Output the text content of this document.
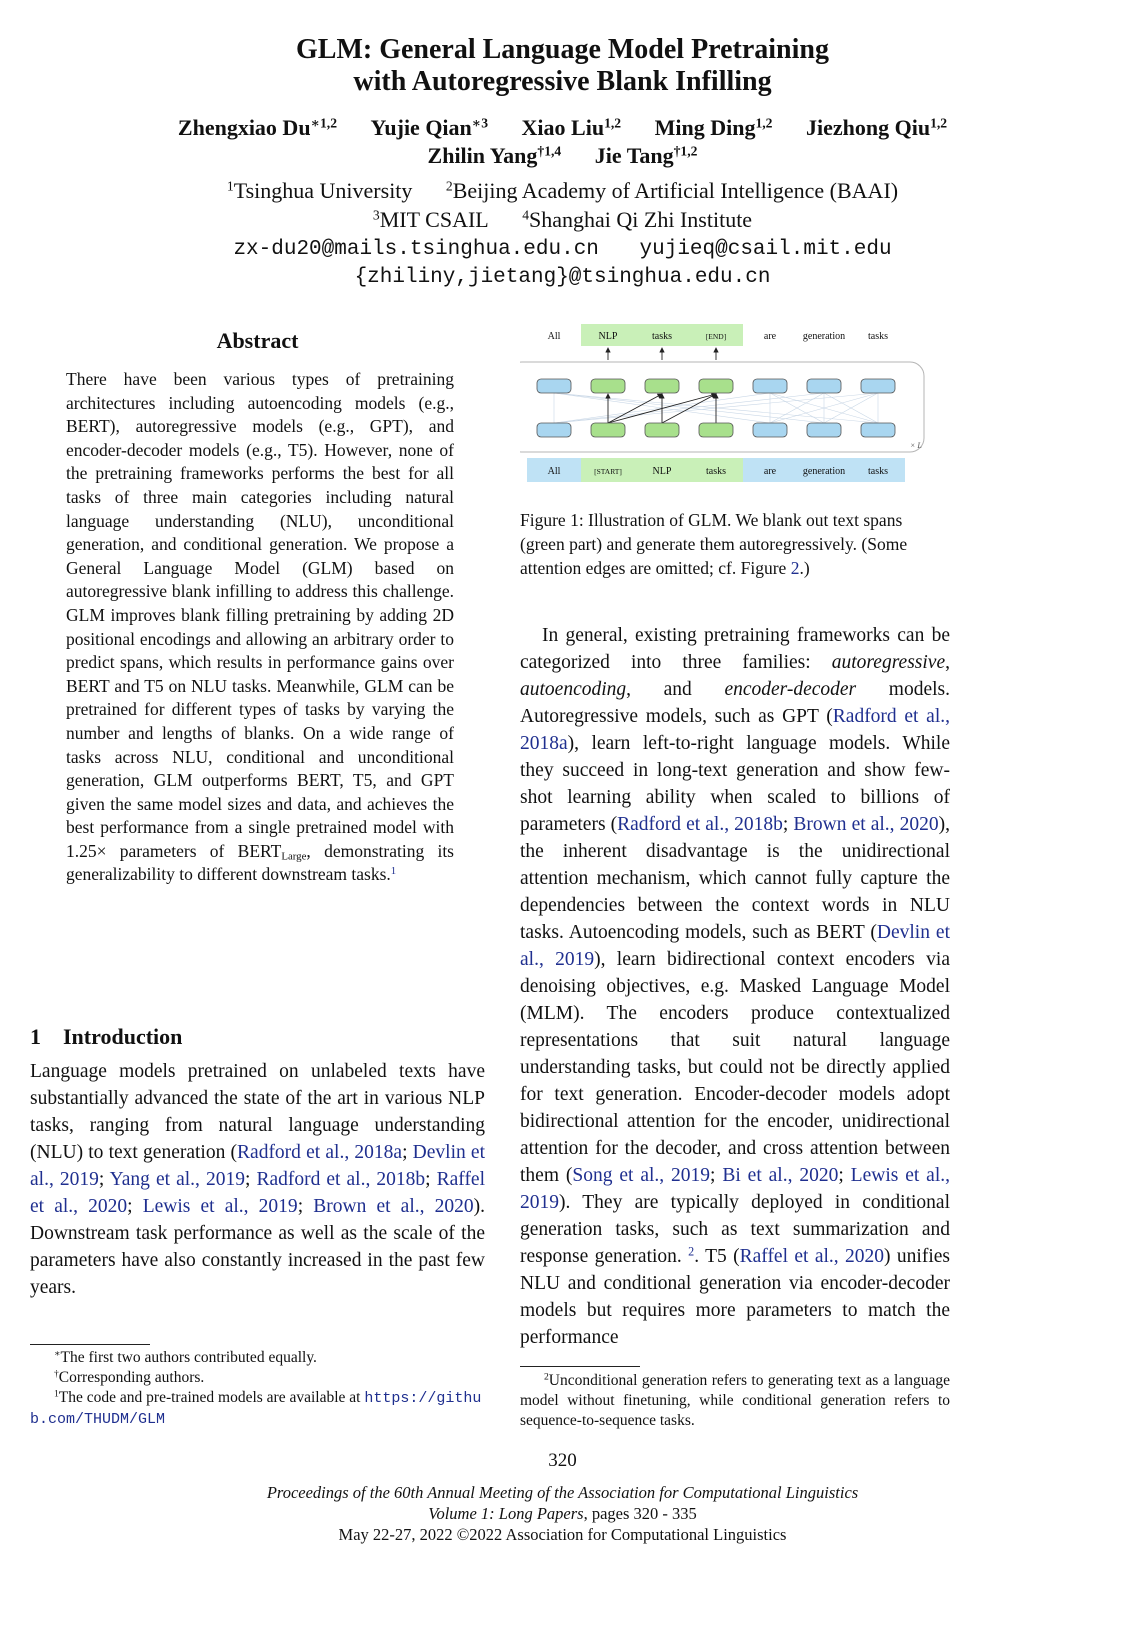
GLM: General Language Model Pretraining
with Autoregressive Blank Infilling
Zhengxiao $Du^{∗1,2}$ Yujie Qian$^{∗3}$ Xiao Liu$^{1,2}$ Ming Ding$^{1,2}$ Jiezhong Qiu$^{1,2}$
Zhilin Yang$^{\dagger 1,4}$ Jie Tang$^{\dagger 1,2}$
$^1$Tsinghua University $^2$Beijing Academy of Artificial Intelligence (BAAI)
$^3$MIT CSAIL $^4$Shanghai Qi Zhi Institute
zx-du20@mails.tsinghua.edu.cn yujieq@csail.mit.edu
{zhiliny,jietang}@tsinghua.edu.cn
Abstract
There have been various types of pretraining architectures including autoencoding models (e.g., BERT), autoregressive models (e.g., GPT), and encoder-decoder models (e.g., T5). However, none of the pretraining frameworks performs the best for all tasks of three main categories including natural language understanding (NLU), unconditional generation, and conditional generation. We propose a General Language Model (GLM) based on autoregressive blank infilling to address this challenge. GLM improves blank filling pretraining by adding 2D positional encodings and allowing an arbitrary order to predict spans, which results in performance gains over BERT and T5 on NLU tasks. Meanwhile, GLM can be pretrained for different types of tasks by varying the number and lengths of blanks. On a wide range of tasks across NLU, conditional and unconditional generation, GLM outperforms BERT, T5, and GPT given the same model sizes and data, and achieves the best performance from a single pretrained model with 1.25× parameters of $BERT_{Large}$, demonstrating its generalizability to different downstream tasks.$^1$
1 Introduction
Language models pretrained on unlabeled texts have substantially advanced the state of the art in various NLP tasks, ranging from natural language understanding (NLU) to text generation (Radford et al., 2018a; Devlin et al., 2019; Yang et al., 2019; Radford et al., 2018b; Raffel et al., 2020; Lewis et al., 2019; Brown et al., 2020). Downstream task performance as well as the scale of the parameters have also constantly increased in the past few years.
∗The first two authors contributed equally.
†Corresponding authors.
$^1$The code and pre-trained models are available at https://github.com/THUDM/GLM
All	NLP	tasks	[END]	are	generation tasks
All	[START]	NLP	tasks	are	generation tasks
× L
Figure 1: Illustration of GLM. We blank out text spans (green part) and generate them autoregressively. (Some attention edges are omitted; cf. Figure 2.)
In general, existing pretraining frameworks can be categorized into three families: autoregressive, autoencoding, and encoder-decoder models. Autoregressive models, such as GPT (Radford et al., 2018a), learn left-to-right language models. While they succeed in long-text generation and show few-shot learning ability when scaled to billions of parameters (Radford et al., 2018b; Brown et al., 2020), the inherent disadvantage is the unidirectional attention mechanism, which cannot fully capture the dependencies between the context words in NLU tasks. Autoencoding models, such as BERT (Devlin et al., 2019), learn bidirectional context encoders via denoising objectives, e.g. Masked Language Model (MLM). The encoders produce contextualized representations that suit natural language understanding tasks, but could not be directly applied for text generation. Encoder-decoder models adopt bidirectional attention for the encoder, unidirectional attention for the decoder, and cross attention between them (Song et al., 2019; Bi et al., 2020; Lewis et al., 2019). They are typically deployed in conditional generation tasks, such as text summarization and response generation. $^2$. T5 (Raffel et al., 2020) unifies NLU and conditional generation via encoder-decoder models but requires more parameters to match the performance
$^2$Unconditional generation refers to generating text as a language model without finetuning, while conditional generation refers to sequence-to-sequence tasks.
320
Proceedings of the 60th Annual Meeting of the Association for Computational Linguistics
Volume 1: Long Papers, pages 320 - 335
May 22-27, 2022 ©2022 Association for Computational Linguistics
